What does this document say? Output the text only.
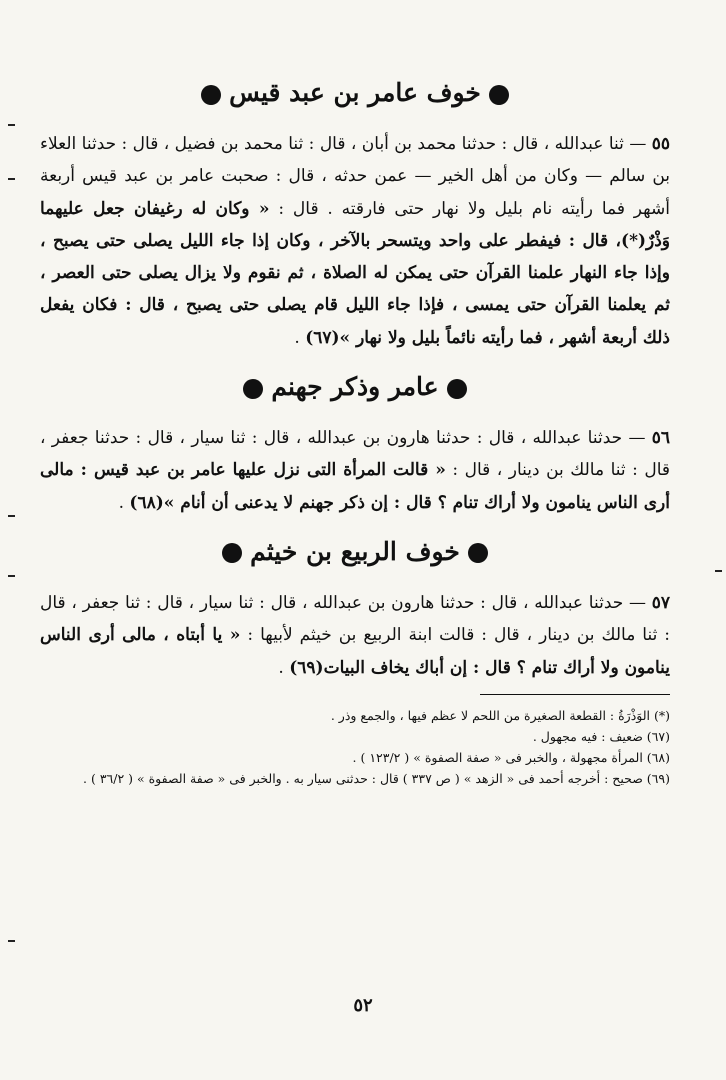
خوف عامر بن عبد قيس

٥٥ — ثنا عبدالله ، قال : حدثنا محمد بن أبان ، قال : ثنا محمد بن فضيل ، قال : حدثنا العلاء بن سالم — وكان من أهل الخير — عمن حدثه ، قال : صحبت عامر بن عبد قيس أربعة أشهر فما رأيته نام بليل ولا نهار حتى فارقته . قال : « وكان له رغيفان جعل عليهما وَذْرٌ(*)، قال : فيفطر على واحد ويتسحر بالآخر ، وكان إذا جاء الليل يصلى حتى يصبح ، وإذا جاء النهار علمنا القرآن حتى يمكن له الصلاة ، ثم نقوم ولا يزال يصلى حتى العصر ، ثم يعلمنا القرآن حتى يمسى ، فإذا جاء الليل قام يصلى حتى يصبح ، قال : فكان يفعل ذلك أربعة أشهر ، فما رأيته نائماً بليل ولا نهار »(٦٧) .

عامر وذكر جهنم

٥٦ — حدثنا عبدالله ، قال : حدثنا هارون بن عبدالله ، قال : ثنا سيار ، قال : حدثنا جعفر ، قال : ثنا مالك بن دينار ، قال : « قالت المرأة التى نزل عليها عامر بن عبد قيس : مالى أرى الناس ينامون ولا أراك تنام ؟ قال : إن ذكر جهنم لا يدعنى أن أنام »(٦٨) .

خوف الربيع بن خيثم

٥٧ — حدثنا عبدالله ، قال : حدثنا هارون بن عبدالله ، قال : ثنا سيار ، قال : ثنا جعفر ، قال : ثنا مالك بن دينار ، قال : قالت ابنة الربيع بن خيثم لأبيها : « يا أبتاه ، مالى أرى الناس ينامون ولا أراك تنام ؟ قال : إن أباك يخاف البيات(٦٩) .

(*) الوَذْرَةُ : القطعة الصغيرة من اللحم لا عظم فيها ، والجمع وذر .

(٦٧) ضعيف : فيه مجهول .

(٦٨) المرأة مجهولة ، والخبر فى « صفة الصفوة » ( ١٢٣/٢ ) .

(٦٩) صحيح : أخرجه أحمد فى « الزهد » ( ص ٣٣٧ ) قال : حدثنى سيار به . والخبر فى « صفة الصفوة » ( ٣٦/٢ ) .

٥٢
